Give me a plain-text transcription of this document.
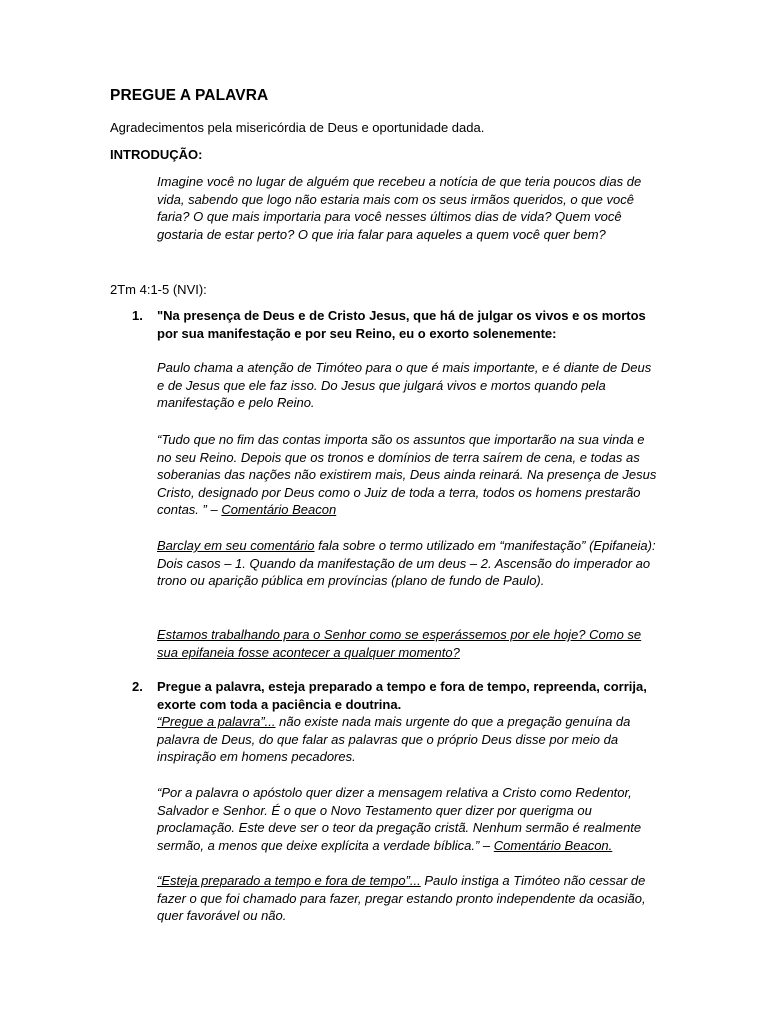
PREGUE A PALAVRA
Agradecimentos pela misericórdia de Deus e oportunidade dada.
INTRODUÇÃO:
Imagine você no lugar de alguém que recebeu a notícia de que teria poucos dias de vida, sabendo que logo não estaria mais com os seus irmãos queridos, o que você faria? O que mais importaria para você nesses últimos dias de vida? Quem você gostaria de estar perto? O que iria falar para aqueles a quem você quer bem?
2Tm 4:1-5 (NVI):
1. "Na presença de Deus e de Cristo Jesus, que há de julgar os vivos e os mortos por sua manifestação e por seu Reino, eu o exorto solenemente:
Paulo chama a atenção de Timóteo para o que é mais importante, e é diante de Deus e de Jesus que ele faz isso. Do Jesus que julgará vivos e mortos quando pela manifestação e pelo Reino.
“Tudo que no fim das contas importa são os assuntos que importarão na sua vinda e no seu Reino. Depois que os tronos e domínios de terra saírem de cena, e todas as soberanias das nações não existirem mais, Deus ainda reinará. Na presença de Jesus Cristo, designado por Deus como o Juiz de toda a terra, todos os homens prestarão contas. ” – Comentário Beacon
Barclay em seu comentário fala sobre o termo utilizado em “manifestação” (Epifaneia):
Dois casos – 1. Quando da manifestação de um deus – 2. Ascensão do imperador ao trono ou aparição pública em províncias (plano de fundo de Paulo).
Estamos trabalhando para o Senhor como se esperássemos por ele hoje? Como se sua epifaneia fosse acontecer a qualquer momento?
2. Pregue a palavra, esteja preparado a tempo e fora de tempo, repreenda, corrija, exorte com toda a paciência e doutrina.
“Pregue a palavra”... não existe nada mais urgente do que a pregação genuína da palavra de Deus, do que falar as palavras que o próprio Deus disse por meio da inspiração em homens pecadores.
“Por a palavra o apóstolo quer dizer a mensagem relativa a Cristo como Redentor, Salvador e Senhor. É o que o Novo Testamento quer dizer por querigma ou proclamação. Este deve ser o teor da pregação cristã. Nenhum sermão é realmente sermão, a menos que deixe explícita a verdade bíblica.” – Comentário Beacon.
“Esteja preparado a tempo e fora de tempo”... Paulo instiga a Timóteo não cessar de fazer o que foi chamado para fazer, pregar estando pronto independente da ocasião, quer favorável ou não.
